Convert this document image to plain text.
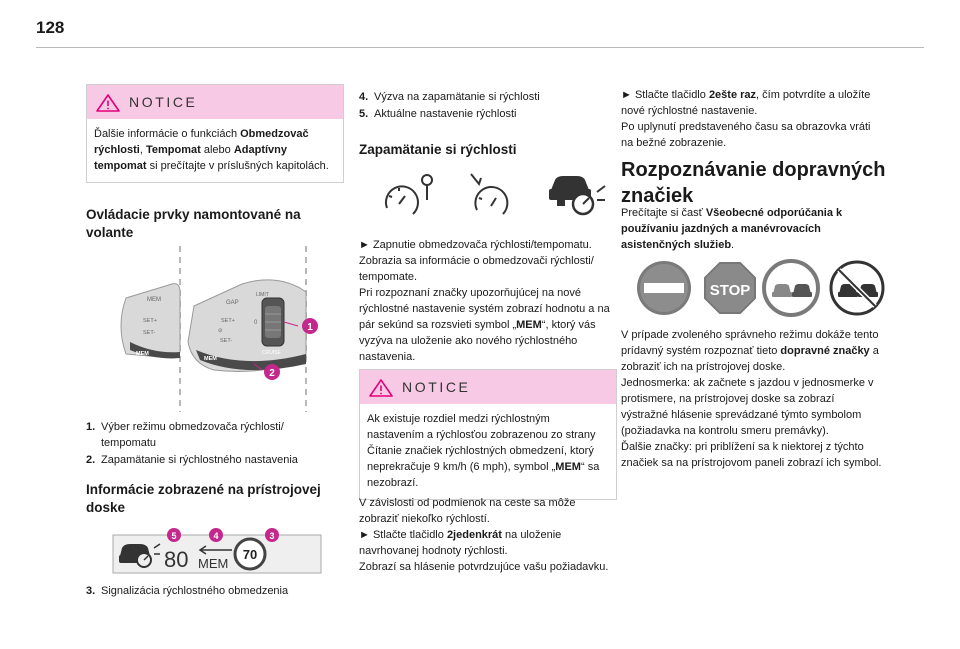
128
NOTICE
Ďalšie informácie o funkciách Obmedzovač rýchlosti, Tempomat alebo Adaptívny tempomat si prečítajte v príslušných kapitolách.
Ovládacie prvky namontované na volante
MEM
SET+
SET-
MEM
GAP
SET+
⊘
SET-
MEM
LIMIT
0
CRUISE
1
2
1. Výber režimu obmedzovača rýchlosti/ tempomatu
2. Zapamätanie si rýchlostného nastavenia
Informácie zobrazené na prístrojovej doske
80 MEM
70
5	4	3
3. Signalizácia rýchlostného obmedzenia
4. Výzva na zapamätanie si rýchlosti
5. Aktuálne nastavenie rýchlosti
Zapamätanie si rýchlosti
► Zapnutie obmedzovača rýchlosti/tempomatu.
Zobrazia sa informácie o obmedzovači rýchlosti/ tempomate.
Pri rozpoznaní značky upozorňujúcej na nové rýchlostné nastavenie systém zobrazí hodnotu a na pár sekúnd sa rozsvieti symbol „MEM“, ktorý vás vyzýva na uloženie ako nového rýchlostného nastavenia.
NOTICE
Ak existuje rozdiel medzi rýchlostným nastavením a rýchlosťou zobrazenou zo strany Čítanie značiek rýchlostných obmedzení, ktorý neprekračuje 9 km/h (6 mph), symbol „MEM“ sa nezobrazí.
V závislosti od podmienok na ceste sa môže zobraziť niekoľko rýchlostí.
► Stlačte tlačidlo 2jedenkrát na uloženie navrhovanej hodnoty rýchlosti.
Zobrazí sa hlásenie potvrdzujúce vašu požiadavku.
► Stlačte tlačidlo 2ešte raz, čím potvrdíte a uložíte nové rýchlostné nastavenie.
Po uplynutí predstaveného času sa obrazovka vráti na bežné zobrazenie.
Rozpoznávanie dopravných značiek
Prečítajte si časť Všeobecné odporúčania k používaniu jazdných a manévrovacích asistenčných služieb.
STOP
V prípade zvoleného správneho režimu dokáže tento prídavný systém rozpoznať tieto dopravné značky a zobraziť ich na prístrojovej doske.
Jednosmerka: ak začnete s jazdou v jednosmerke v protismere, na prístrojovej doske sa zobrazí výstražné hlásenie sprevádzané týmto symbolom (požiadavka na kontrolu smeru premávky).
Ďalšie značky: pri priblížení sa k niektorej z týchto značiek sa na prístrojovom paneli zobrazí ich symbol.
